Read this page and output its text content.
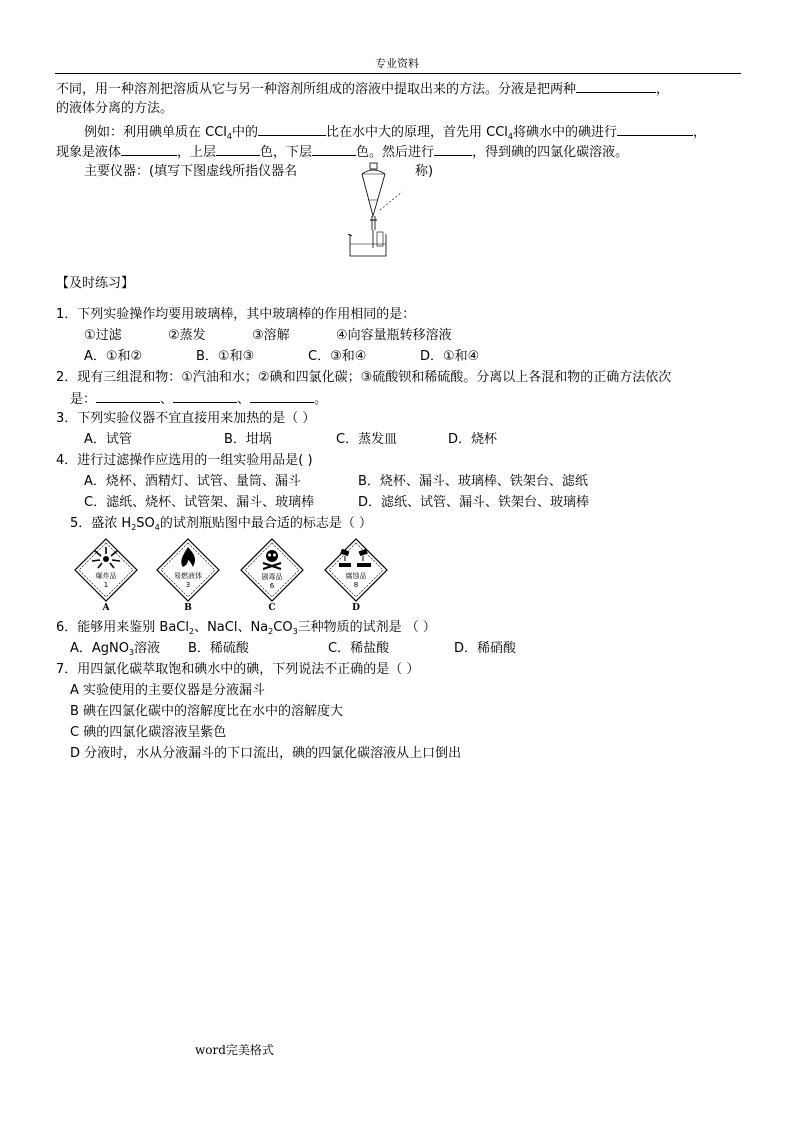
专业资料
不同，用一种溶剂把溶质从它与另一种溶剂所组成的溶液中提取出来的方法。分液是把两种	，
的液体分离的方法。
例如：利用碘单质在 CCl$_4$中的	比在水中大的原理，首先用 CCl$_4$将碘水中的碘进行	，
现象是液体	，上层	色，下层	色。然后进行	，得到碘的四氯化碳溶液。
主要仪器：(填写下图虚线所指仪器名	称)
【及时练习】
1．下列实验操作均要用玻璃棒，其中玻璃棒的作用相同的是：
①过滤	②蒸发	③溶解	④向容量瓶转移溶液
A．①和②	B．①和③	C．③和④	D．①和④
2．现有三组混和物：①汽油和水；②碘和四氯化碳；③硫酸钡和稀硫酸。分离以上各混和物的正确方法依次
是：	、	、	。
3．下列实验仪器不宜直接用来加热的是（ ）
A．试管	B．坩埚	C．蒸发皿	D．烧杯
4．进行过滤操作应选用的一组实验用品是( )
A．烧杯、酒精灯、试管、量筒、漏斗	B．烧杯、漏斗、玻璃棒、铁架台、滤纸
C．滤纸、烧杯、试管架、漏斗、玻璃棒	D．滤纸、试管、漏斗、铁架台、玻璃棒
5．盛浓 $H_2SO_4$的试剂瓶贴图中最合适的标志是（ ）
爆炸品
1
A
易燃液体
3
B
剧毒品
6
C
腐蚀品
8
D
6．能够用来鉴别 BaCl$_2$、NaCl、$Na_2CO_3$三种物质的试剂是 （ ）
A．AgNO$_3$溶液 B．稀硫酸	C．稀盐酸	D．稀硝酸
7．用四氯化碳萃取饱和碘水中的碘，下列说法不正确的是（ ）
A 实验使用的主要仪器是分液漏斗
B 碘在四氯化碳中的溶解度比在水中的溶解度大
C 碘的四氯化碳溶液呈紫色
D 分液时，水从分液漏斗的下口流出，碘的四氯化碳溶液从上口倒出
word完美格式
